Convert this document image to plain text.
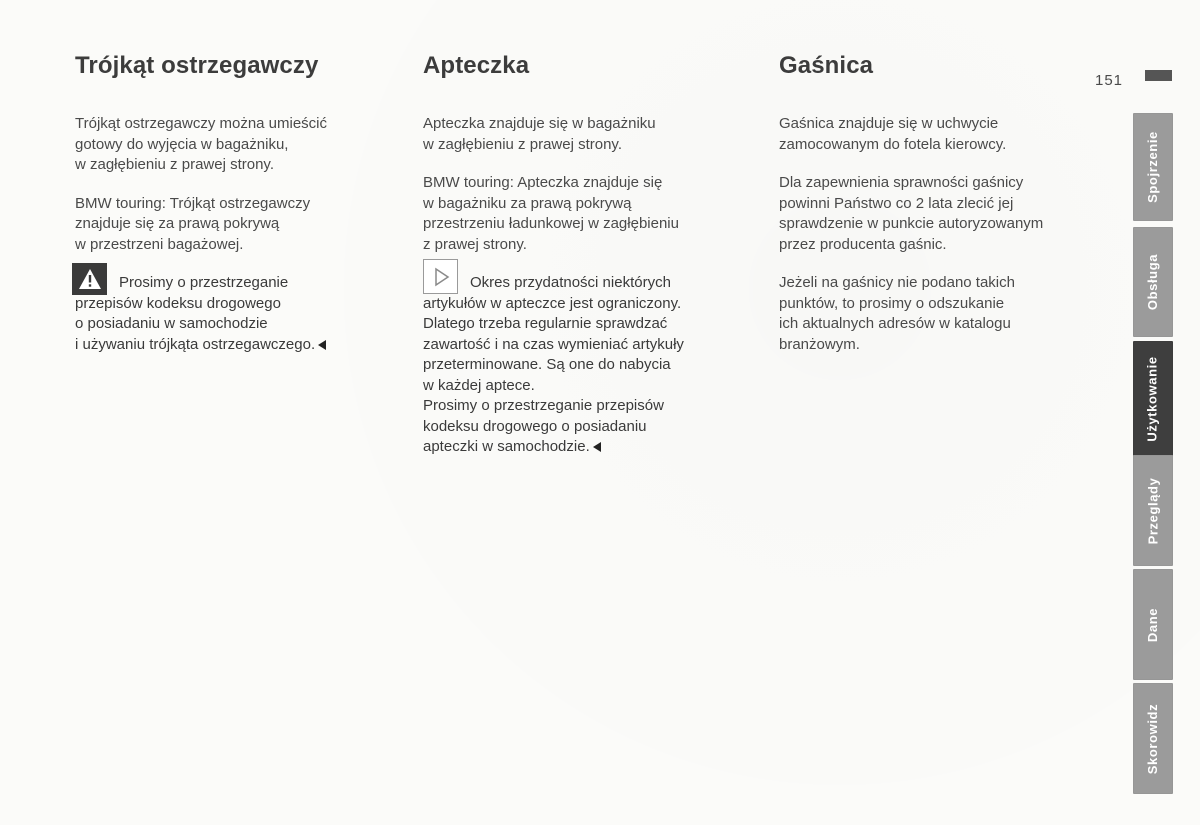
Trójkąt ostrzegawczy

Trójkąt ostrzegawczy można umieścić
gotowy do wyjęcia w bagażniku,
w zagłębieniu z prawej strony.

BMW touring: Trójkąt ostrzegawczy
znajduje się za prawą pokrywą
w przestrzeni bagażowej.

Prosimy o przestrzeganie
przepisów kodeksu drogowego
o posiadaniu w samochodzie
i używaniu trójkąta ostrzegawczego.

Apteczka

Apteczka znajduje się w bagażniku
w zagłębieniu z prawej strony.

BMW touring: Apteczka znajduje się
w bagażniku za prawą pokrywą
przestrzeniu ładunkowej w zagłębieniu
z prawej strony.

Okres przydatności niektórych
artykułów w apteczce jest ograniczony.
Dlatego trzeba regularnie sprawdzać
zawartość i na czas wymieniać artykuły
przeterminowane. Są one do nabycia
w każdej aptece.
Prosimy o przestrzeganie przepisów
kodeksu drogowego o posiadaniu
apteczki w samochodzie.

Gaśnica

Gaśnica znajduje się w uchwycie
zamocowanym do fotela kierowcy.

Dla zapewnienia sprawności gaśnicy
powinni Państwo co 2 lata zlecić jej
sprawdzenie w punkcie autoryzowanym
przez producenta gaśnic.

Jeżeli na gaśnicy nie podano takich
punktów, to prosimy o odszukanie
ich aktualnych adresów w katalogu
branżowym.

151
Spojrzenie
Obsługa
Użytkowanie
Przeglądy
Dane
Skorowidz
